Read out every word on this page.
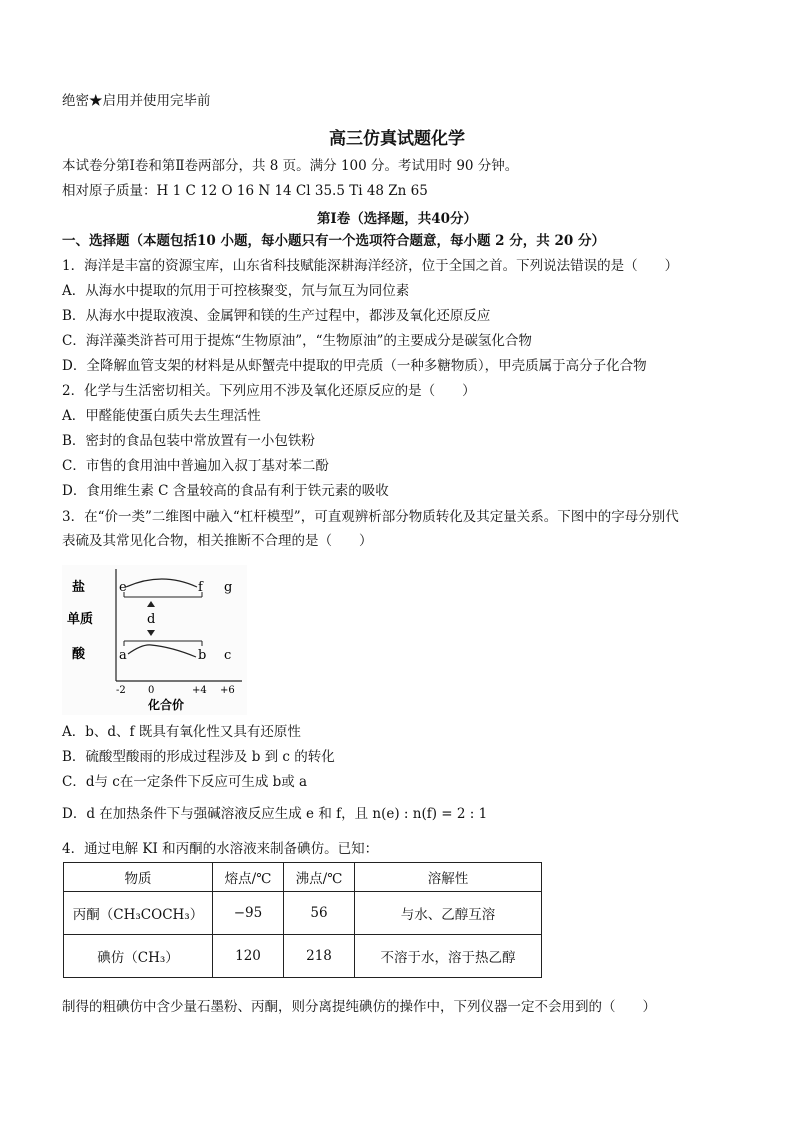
绝密★启用并使用完毕前
高三仿真试题化学
本试卷分第Ⅰ卷和第Ⅱ卷两部分，共 8 页。满分 100 分。考试用时 90 分钟。
相对原子质量：H 1 C 12 O 16 N 14 Cl 35.5 Ti 48 Zn 65
第Ⅰ卷（选择题，共40分）
一、选择题（本题包括10 小题，每小题只有一个选项符合题意，每小题 2 分，共 20 分）
1．海洋是丰富的资源宝库，山东省科技赋能深耕海洋经济，位于全国之首。下列说法错误的是（　　）
A．从海水中提取的氘用于可控核聚变，氘与氚互为同位素
B．从海水中提取液溴、金属钾和镁的生产过程中，都涉及氧化还原反应
C．海洋藻类浒苔可用于提炼“生物原油”，“生物原油”的主要成分是碳氢化合物
D．全降解血管支架的材料是从虾蟹壳中提取的甲壳质（一种多糖物质），甲壳质属于高分子化合物
2．化学与生活密切相关。下列应用不涉及氧化还原反应的是（　　）
A．甲醛能使蛋白质失去生理活性
B．密封的食品包装中常放置有一小包铁粉
C．市售的食用油中普遍加入叔丁基对苯二酚
D．食用维生素 C 含量较高的食品有利于铁元素的吸收
3．在“价一类”二维图中融入“杠杆模型”，可直观辨析部分物质转化及其定量关系。下图中的字母分别代
表硫及其常见化合物，相关推断不合理的是（　　）
盐
单质
酸
e	f g
d
a	b c
-2 0	+4 +6
化合价
A．b、d、f 既具有氧化性又具有还原性
B．硫酸型酸雨的形成过程涉及 b 到 c 的转化
C．d与 c在一定条件下反应可生成 b或 a
D．d 在加热条件下与强碱溶液反应生成 e 和 f，且 n(e) : n(f) = 2 : 1
4．通过电解 KI 和丙酮的水溶液来制备碘仿。已知：
物质	熔点/℃	沸点/℃	溶解性
丙酮（CH₃COCH₃）	−95	56	与水、乙醇互溶
碘仿（CH₃）	120	218	不溶于水，溶于热乙醇
制得的粗碘仿中含少量石墨粉、丙酮，则分离提纯碘仿的操作中，下列仪器一定不会用到的（　　）
